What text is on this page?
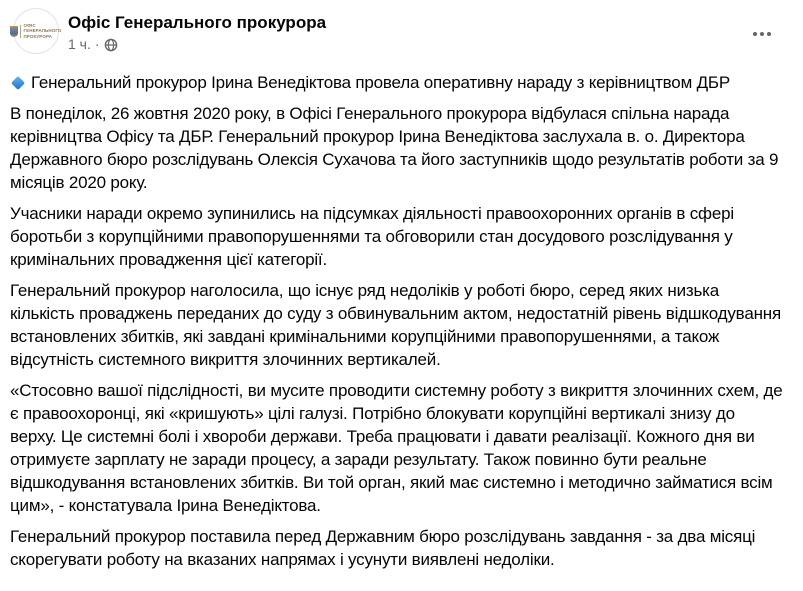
ОФІС
ГЕНЕРАЛЬНОГО
ПРОКУРОРА
Офіс Генерального прокурора
1 ч. ·

Генеральний прокурор Ірина Венедіктова провела оперативну нараду з керівництвом ДБР

В понеділок, 26 жовтня 2020 року, в Офісі Генерального прокурора відбулася спільна нарада керівництва Офісу та ДБР. Генеральний прокурор Ірина Венедіктова заслухала в. о. Директора Державного бюро розслідувань Олексія Сухачова та його заступників щодо результатів роботи за 9 місяців 2020 року.

Учасники наради окремо зупинились на підсумках діяльності правоохоронних органів в сфері боротьби з корупційними правопорушеннями та обговорили стан досудового розслідування у кримінальних провадження цієї категорії.

Генеральний прокурор наголосила, що існує ряд недоліків у роботі бюро, серед яких низька кількість проваджень переданих до суду з обвинувальним актом, недостатній рівень відшкодування встановлених збитків, які завдані кримінальними корупційними правопорушеннями, а також відсутність системного викриття злочинних вертикалей.

«Стосовно вашої підслідності, ви мусите проводити системну роботу з викриття злочинних схем, де є правоохоронці, які «кришують» цілі галузі. Потрібно блокувати корупційні вертикалі знизу до верху. Це системні болі і хвороби держави. Треба працювати і давати реалізації. Кожного дня ви отримуєте зарплату не заради процесу, а заради результату. Також повинно бути реальне відшкодування встановлених збитків. Ви той орган, який має системно і методично займатися всім цим», - констатувала Ірина Венедіктова.

Генеральний прокурор поставила перед Державним бюро розслідувань завдання - за два місяці скорегувати роботу на вказаних напрямах і усунути виявлені недоліки.
